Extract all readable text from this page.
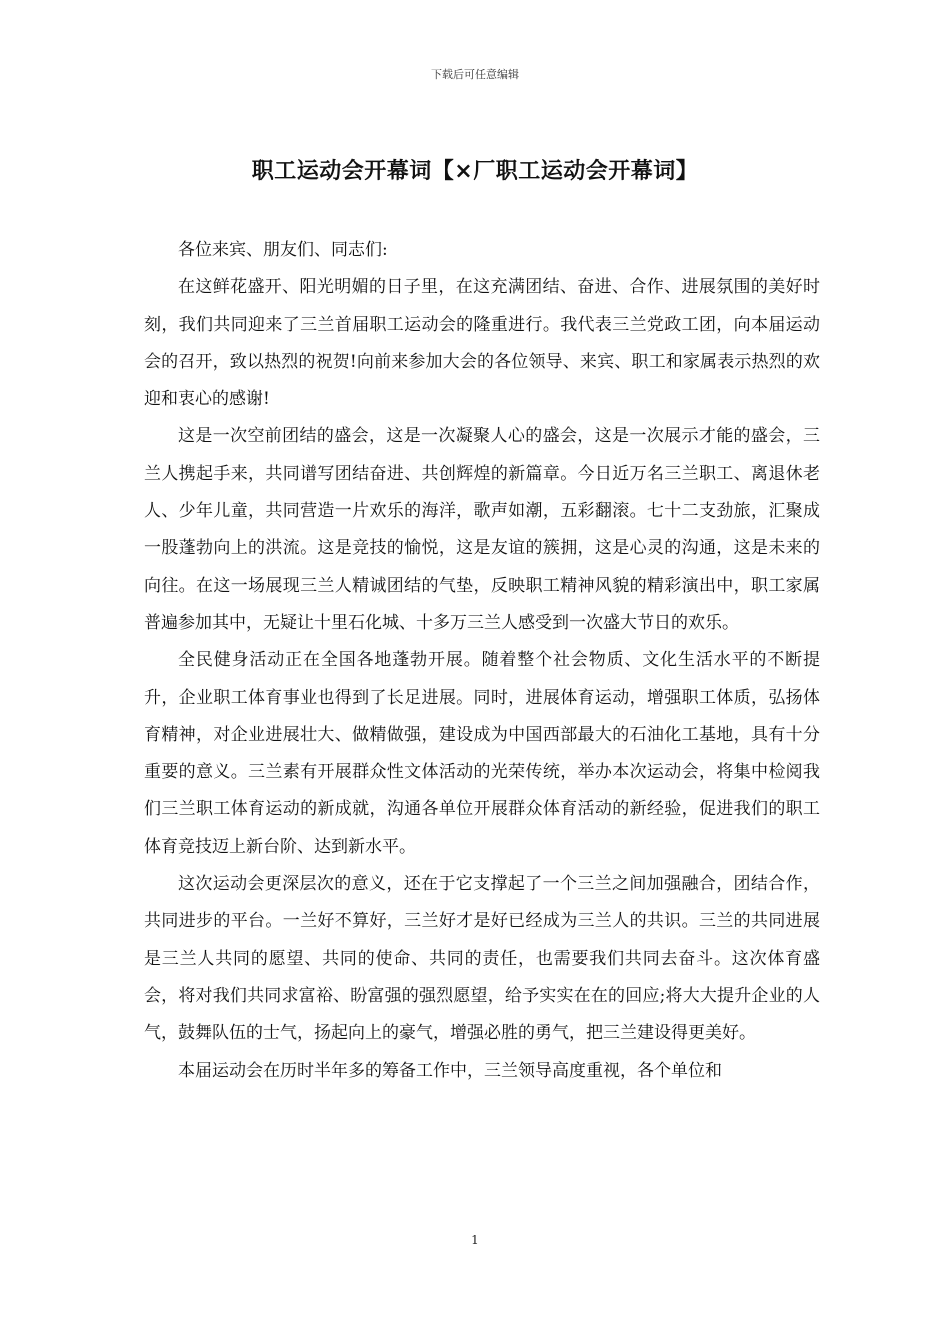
下载后可任意编辑
职工运动会开幕词【×厂职工运动会开幕词】

各位来宾、朋友们、同志们:

在这鲜花盛开、阳光明媚的日子里，在这充满团结、奋进、合作、进展氛围的美好时刻，我们共同迎来了三兰首届职工运动会的隆重进行。我代表三兰党政工团，向本届运动会的召开，致以热烈的祝贺!向前来参加大会的各位领导、来宾、职工和家属表示热烈的欢迎和衷心的感谢!

这是一次空前团结的盛会，这是一次凝聚人心的盛会，这是一次展示才能的盛会，三兰人携起手来，共同谱写团结奋进、共创辉煌的新篇章。今日近万名三兰职工、离退休老人、少年儿童，共同营造一片欢乐的海洋，歌声如潮，五彩翻滚。七十二支劲旅，汇聚成一股蓬勃向上的洪流。这是竞技的愉悦，这是友谊的簇拥，这是心灵的沟通，这是未来的向往。在这一场展现三兰人精诚团结的气垫，反映职工精神风貌的精彩演出中，职工家属普遍参加其中，无疑让十里石化城、十多万三兰人感受到一次盛大节日的欢乐。

全民健身活动正在全国各地蓬勃开展。随着整个社会物质、文化生活水平的不断提升，企业职工体育事业也得到了长足进展。同时，进展体育运动，增强职工体质，弘扬体育精神，对企业进展壮大、做精做强，建设成为中国西部最大的石油化工基地，具有十分重要的意义。三兰素有开展群众性文体活动的光荣传统，举办本次运动会，将集中检阅我们三兰职工体育运动的新成就，沟通各单位开展群众体育活动的新经验，促进我们的职工体育竞技迈上新台阶、达到新水平。

这次运动会更深层次的意义，还在于它支撑起了一个三兰之间加强融合，团结合作，共同进步的平台。一兰好不算好，三兰好才是好已经成为三兰人的共识。三兰的共同进展是三兰人共同的愿望、共同的使命、共同的责任，也需要我们共同去奋斗。这次体育盛会，将对我们共同求富裕、盼富强的强烈愿望，给予实实在在的回应;将大大提升企业的人气，鼓舞队伍的士气，扬起向上的豪气，增强必胜的勇气，把三兰建设得更美好。

本届运动会在历时半年多的筹备工作中，三兰领导高度重视，各个单位和

1
